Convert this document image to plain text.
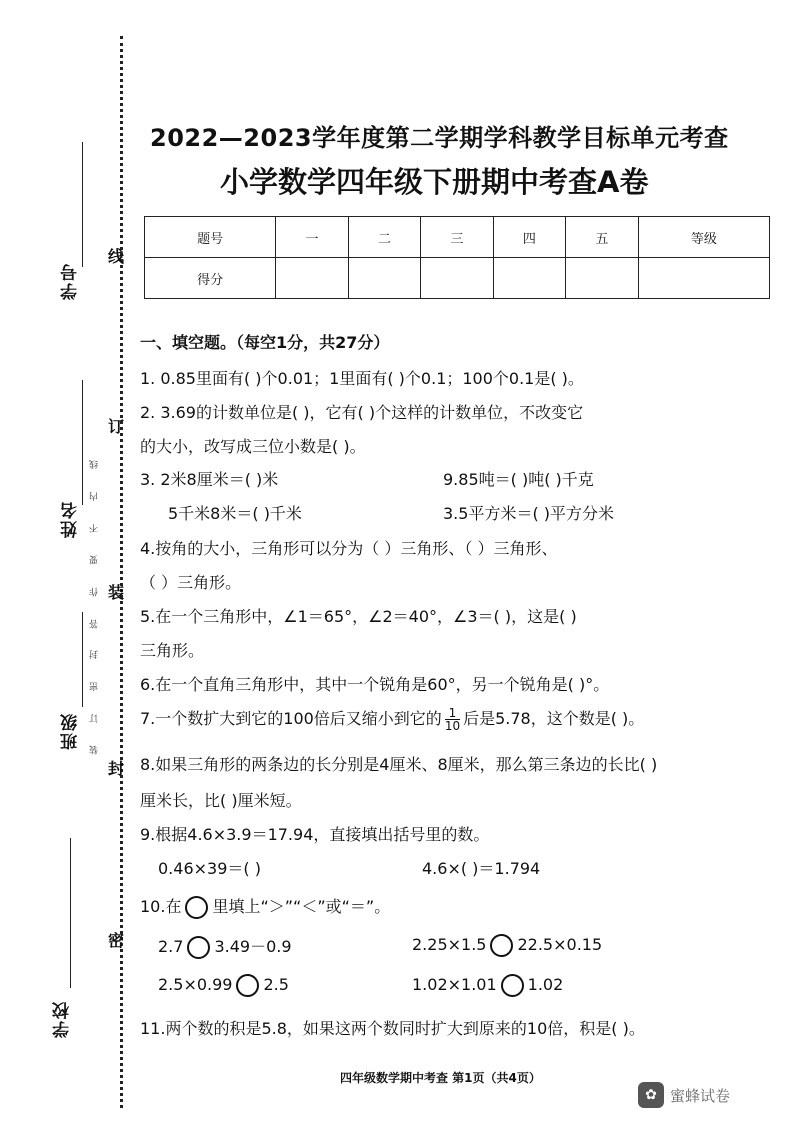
学号
姓名
班级
学校
答 作 要 不 内 线
装 订 密 封
线
订
装
封
密
2022—2023学年度第二学期学科教学目标单元考查
小学数学四年级下册期中考查A卷
题号	一	二	三	四	五	等级
得分						
一、填空题。（每空1分，共27分）
1. 0.85里面有( )个0.01；1里面有( )个0.1；100个0.1是( )。
2. 3.69的计数单位是( )，它有( )个这样的计数单位，不改变它
的大小，改写成三位小数是( )。
3. 2米8厘米＝( )米	9.85吨＝( )吨( )千克
5千米8米＝( )千米	3.5平方米＝( )平方分米
4.按角的大小，三角形可以分为（ ）三角形、（ ）三角形、
（ ）三角形。
5.在一个三角形中，∠1＝65°，∠2＝40°，∠3＝( )，这是( )
三角形。
6.在一个直角三角形中，其中一个锐角是60°，另一个锐角是( )°。
7.一个数扩大到它的100倍后又缩小到它的 $\frac{1}{10}$ 后是5.78，这个数是( )。
8.如果三角形的两条边的长分别是4厘米、8厘米，那么第三条边的长比( )
厘米长，比( )厘米短。
9.根据4.6×3.9＝17.94，直接填出括号里的数。
0.46×39＝( )	4.6×( )＝1.794
10.在 里填上“＞”“＜”或“＝”。
2.7 3.49－0.9	2.25×1.5 22.5×0.15
2.5×0.99 2.5	1.02×1.01 1.02
11.两个数的积是5.8，如果这两个数同时扩大到原来的10倍，积是( )。
四年级数学期中考查 第1页（共4页）
✿ 蜜蜂试卷
